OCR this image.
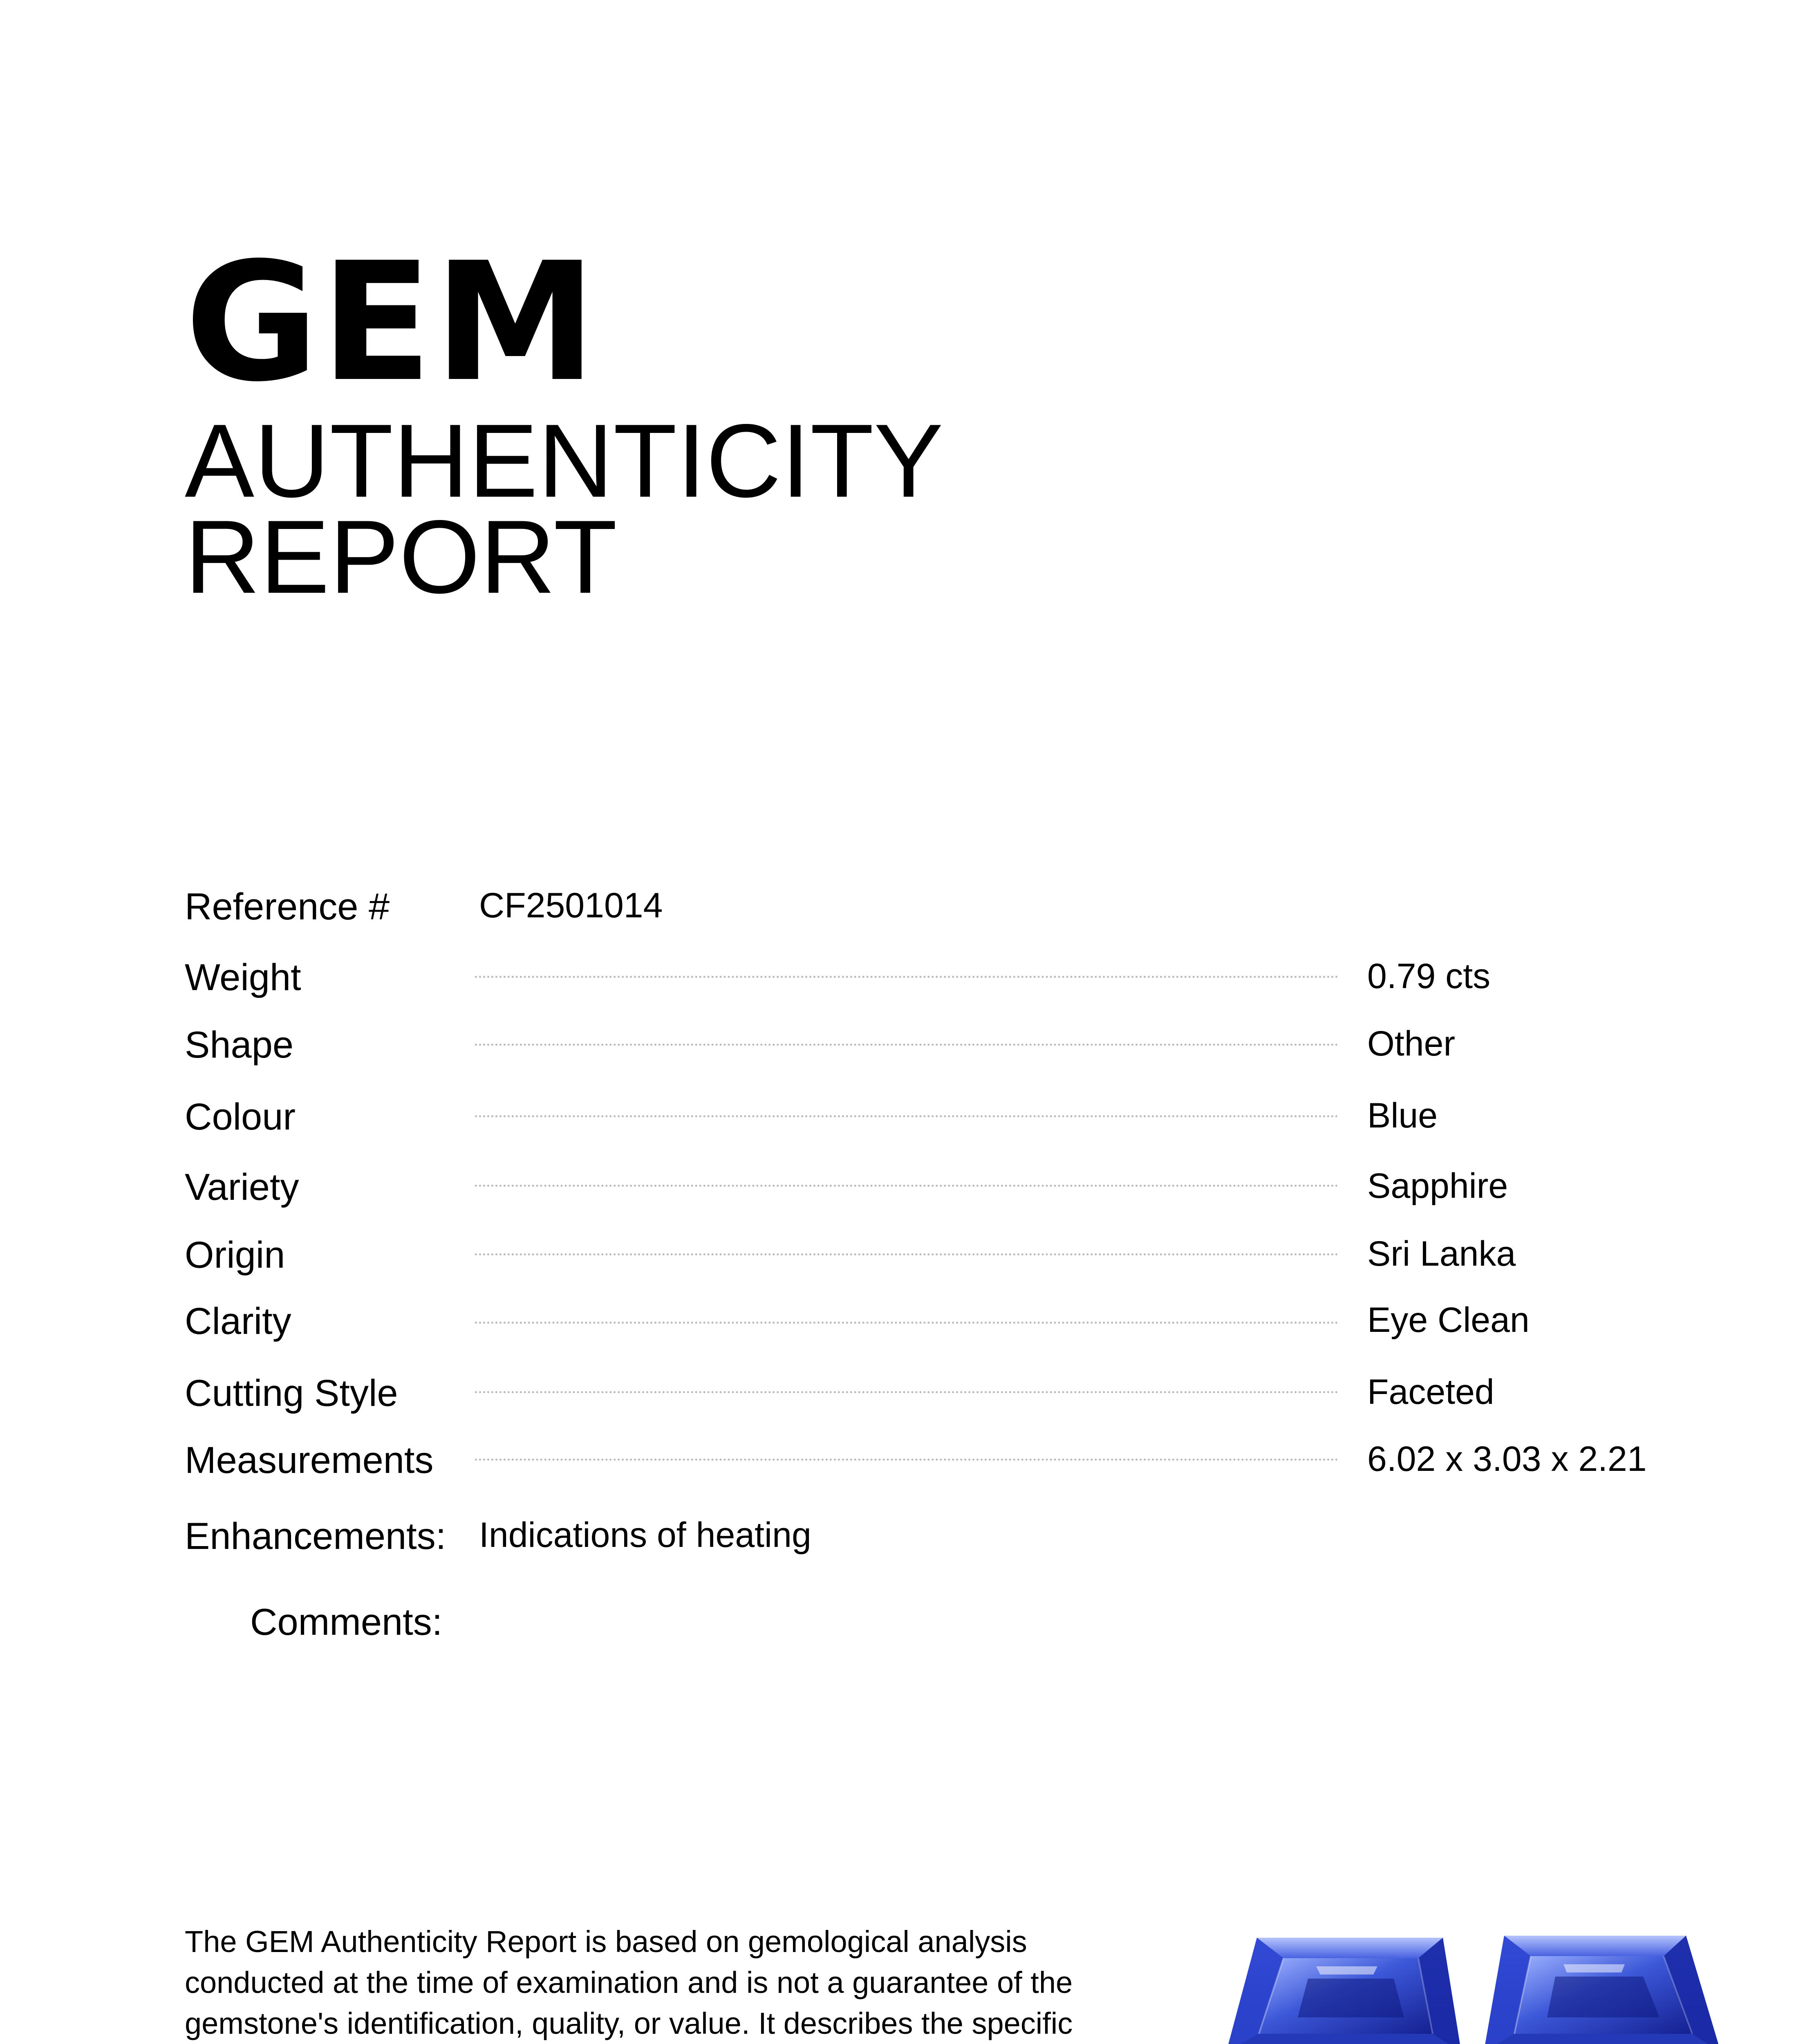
GEM
AUTHENTICITY
REPORT
Reference #	CF2501014
Weight	0.79 cts
Shape	Other
Colour	Blue
Variety	Sapphire
Origin	Sri Lanka
Clarity	Eye Clean
Cutting Style	Faceted
Measurements	6.02 x 3.03 x 2.21
Enhancements: Indications of heating
Comments:

The GEM Authenticity Report is based on gemological analysis conducted at the time of examination and is not a guarantee of the gemstone's identification, quality, or value. It describes the specific
